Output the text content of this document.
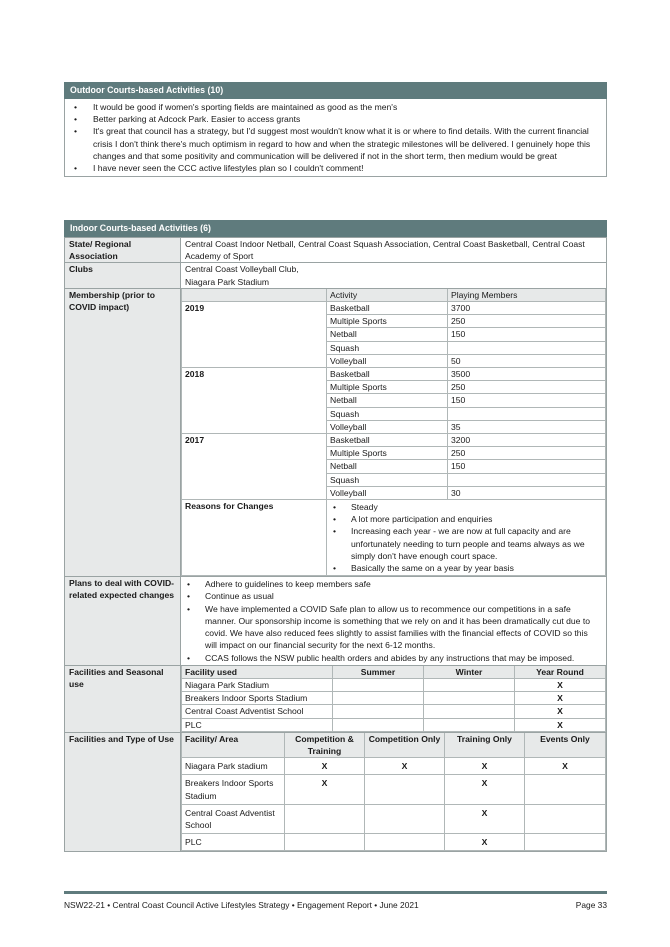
Outdoor Courts-based Activities (10)
• It would be good if women's sporting fields are maintained as good as the men's
• Better parking at Adcock Park. Easier to access grants
• It's great that council has a strategy, but I'd suggest most wouldn't know what it is or where to find details. With the current financial crisis I don't think there's much optimism in regard to how and when the strategic milestones will be delivered. I genuinely hope this changes and that some positivity and communication will be delivered if not in the short term, then medium would be great
• I have never seen the CCC active lifestyles plan so I couldn't comment!
Indoor Courts-based Activities (6)
State/ Regional Association	Central Coast Indoor Netball, Central Coast Squash Association, Central Coast Basketball, Central Coast Academy of Sport
Clubs	Central Coast Volleyball Club,
Niagara Park Stadium

Membership (prior to COVID impact)	
	Activity	Playing Members
2019	Basketball	3700
Multiple Sports	250
Netball	150
Squash	
Volleyball	50
2018	Basketball	3500
Multiple Sports	250
Netball	150
Squash	
Volleyball	35
2017	Basketball	3200
Multiple Sports	250
Netball	150
Squash	
Volleyball	30
Reasons for Changes	
•Steady
• A lot more participation and enquiries
• Increasing each year - we are now at full capacity and are unfortunately needing to turn people and teams always as we simply don't have enough court space.
• Basically the same on a year by year basis

Plans to deal with COVID-related expected changes	
• Adhere to guidelines to keep members safe
• Continue as usual
• We have implemented a COVID Safe plan to allow us to recommence our competitions in a safe manner. Our sponsorship income is something that we rely on and it has been dramatically cut due to covid. We have also reduced fees slightly to assist families with the financial effects of COVID so this will impact on our financial security for the next 6-12 months.
• CCAS follows the NSW public health orders and abides by any instructions that may be imposed.

Facilities and Seasonal use	
Facility used	Summer	Winter	Year Round
Niagara Park Stadium			X
Breakers Indoor Sports Stadium			X
Central Coast Adventist School			X
PLC			X

Facilities and Type of Use	Facility/ Area	Competition & Training	Competition Only	Training Only	Events Only
Niagara Park stadium	X	X	X	X
Breakers Indoor Sports Stadium	X		X	
Central Coast Adventist School			X	
PLC			X	
NSW22-21 • Central Coast Council Active Lifestyles Strategy • Engagement Report • June 2021	Page 33
